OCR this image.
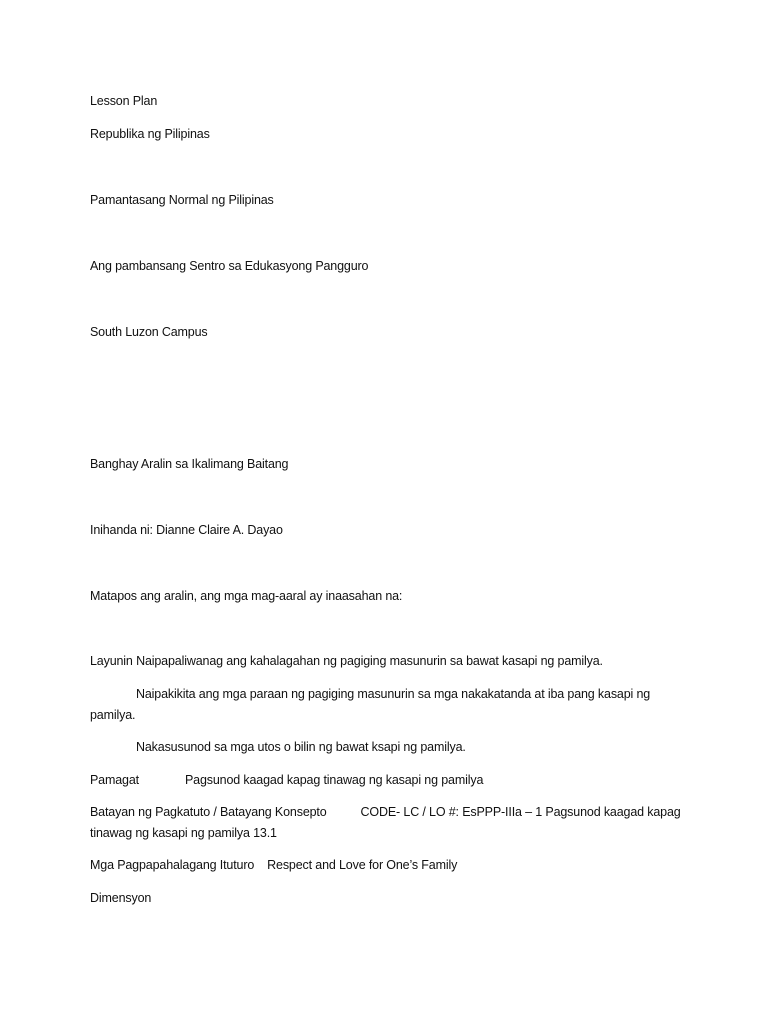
Lesson Plan
Republika ng Pilipinas
Pamantasang Normal ng Pilipinas
Ang pambansang Sentro sa Edukasyong Pangguro
South Luzon Campus
Banghay Aralin sa Ikalimang Baitang
Inihanda ni: Dianne Claire A. Dayao
Matapos ang aralin, ang mga mag-aaral ay inaasahan na:
Layunin Naipapaliwanag ang kahalagahan ng pagiging masunurin sa bawat kasapi ng pamilya.
Naipakikita ang mga paraan ng pagiging masunurin sa mga nakakatanda at iba pang kasapi ng pamilya.
Nakasusunod sa mga utos o bilin ng bawat ksapi ng pamilya.
Pamagat	Pagsunod kaagad kapag tinawag ng kasapi ng pamilya
Batayan ng Pagkatuto / Batayang Konsepto	CODE- LC / LO #: EsPPP-IIIa – 1 Pagsunod kaagad kapag tinawag ng kasapi ng pamilya 13.1
Mga Pagpapahalagang Ituturo Respect and Love for One’s Family
Dimensyon
